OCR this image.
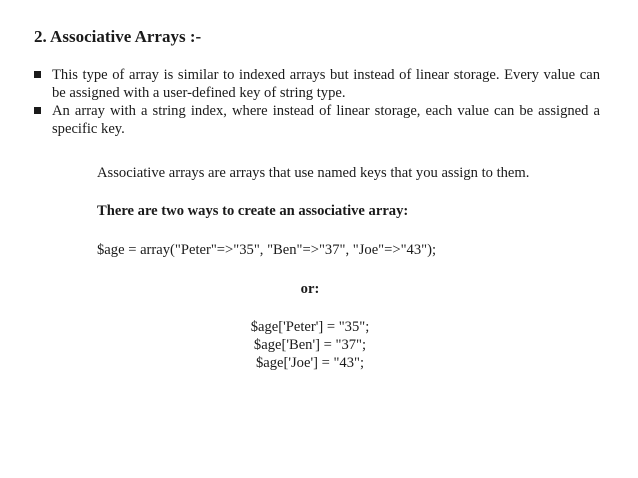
2. Associative Arrays :-
This type of array is similar to indexed arrays but instead of linear storage. Every value can be assigned with a user-defined key of string type.
An array with a string index, where instead of linear storage, each value can be assigned a specific key.

Associative arrays are arrays that use named keys that you assign to them.

There are two ways to create an associative array:

$age = array("Peter"=>"35", "Ben"=>"37", "Joe"=>"43");

or:

$age['Peter'] = "35";

$age['Ben'] = "37";

$age['Joe'] = "43";
